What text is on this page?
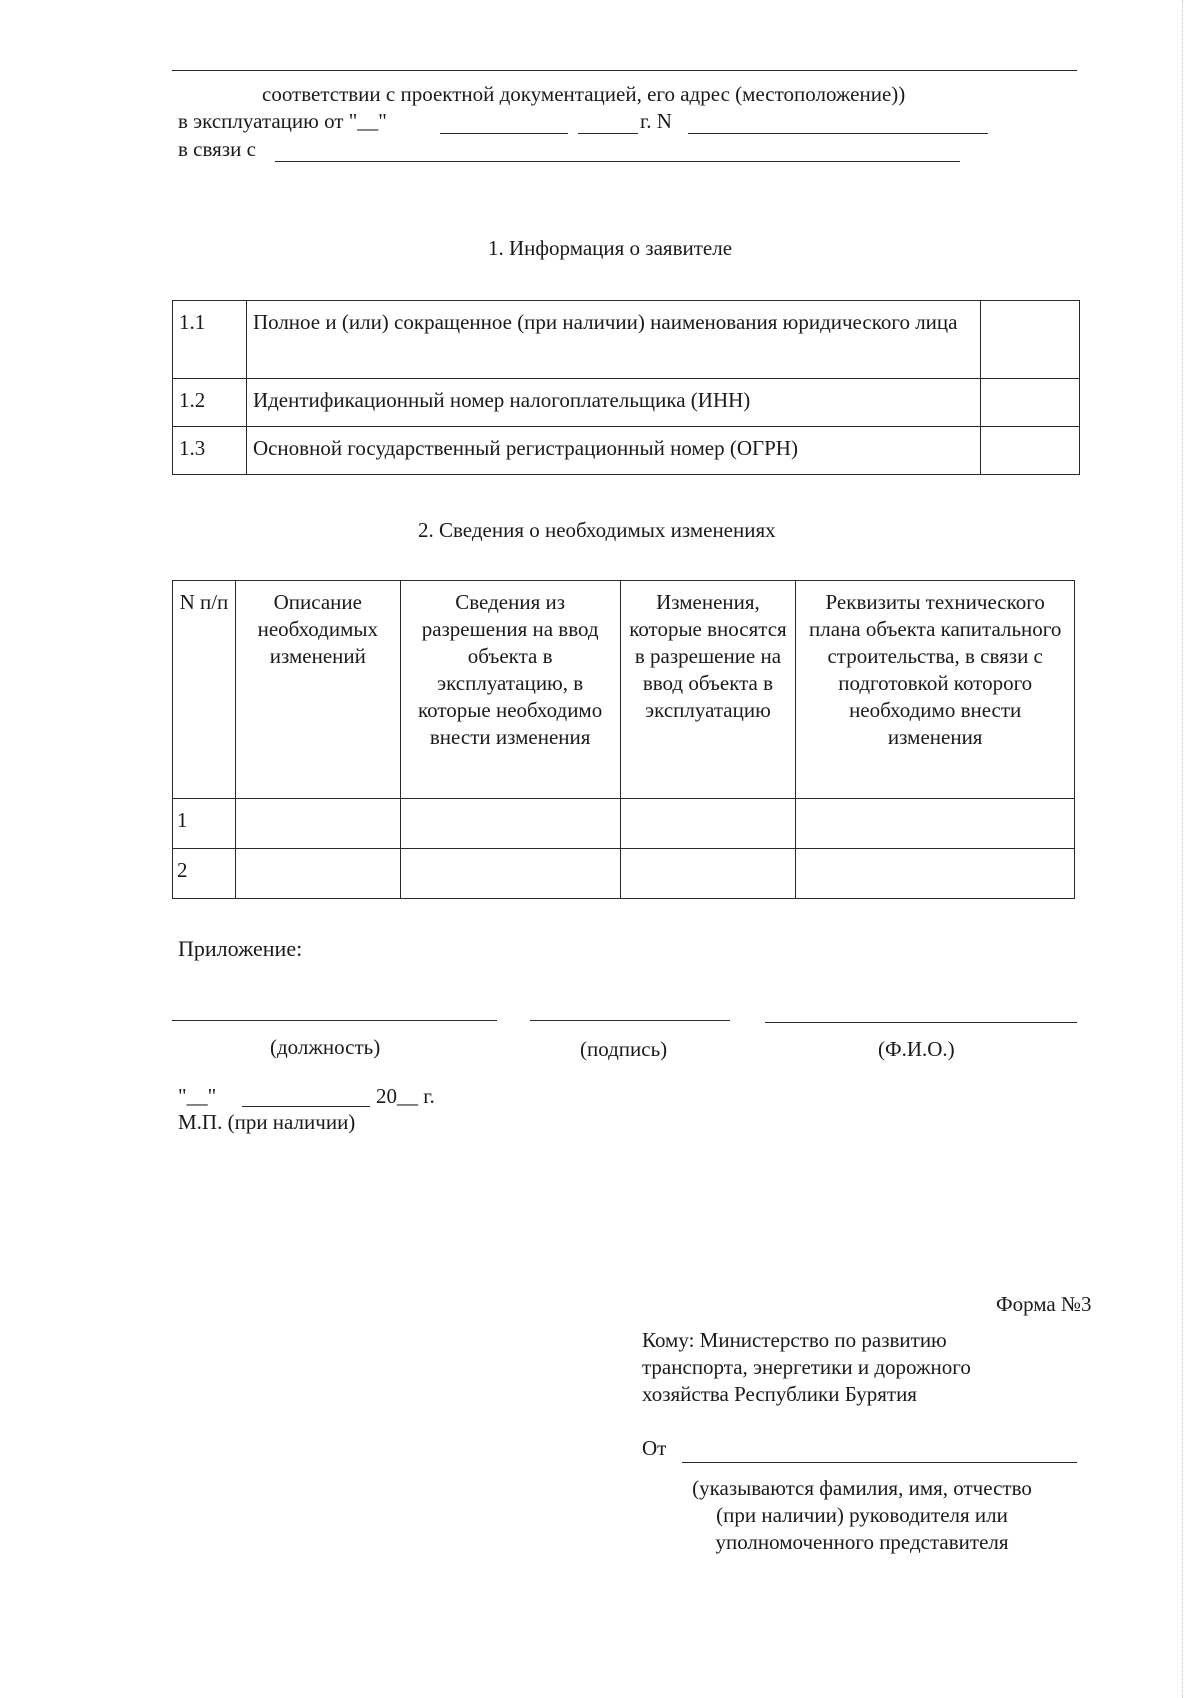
соответствии с проектной документацией, его адрес (местоположение))
в эксплуатацию от "__"	г. N
в связи с
1. Информация о заявителе
1.1	Полное и (или) сокращенное (при наличии) наименования юридического лица	
1.2	Идентификационный номер налогоплательщика (ИНН)	
1.3	Основной государственный регистрационный номер (ОГРН)	
2. Сведения о необходимых изменениях
N п/п	Описание необходимых изменений	Сведения из разрешения на ввод объекта в эксплуатацию, в которые необходимо внести изменения	Изменения, которые вносятся в разрешение на ввод объекта в эксплуатацию	Реквизиты технического плана объекта капитального строительства, в связи с подготовкой которого необходимо внести изменения
1				
2				
Приложение:
(должность)	(подпись)	(Ф.И.О.)
"__"	20__ г.
М.П. (при наличии)
Форма №3
Кому: Министерство по развитию
транспорта, энергетики и дорожного
хозяйства Республики Бурятия
От
(указываются фамилия, имя, отчество
(при наличии) руководителя или
уполномоченного представителя
